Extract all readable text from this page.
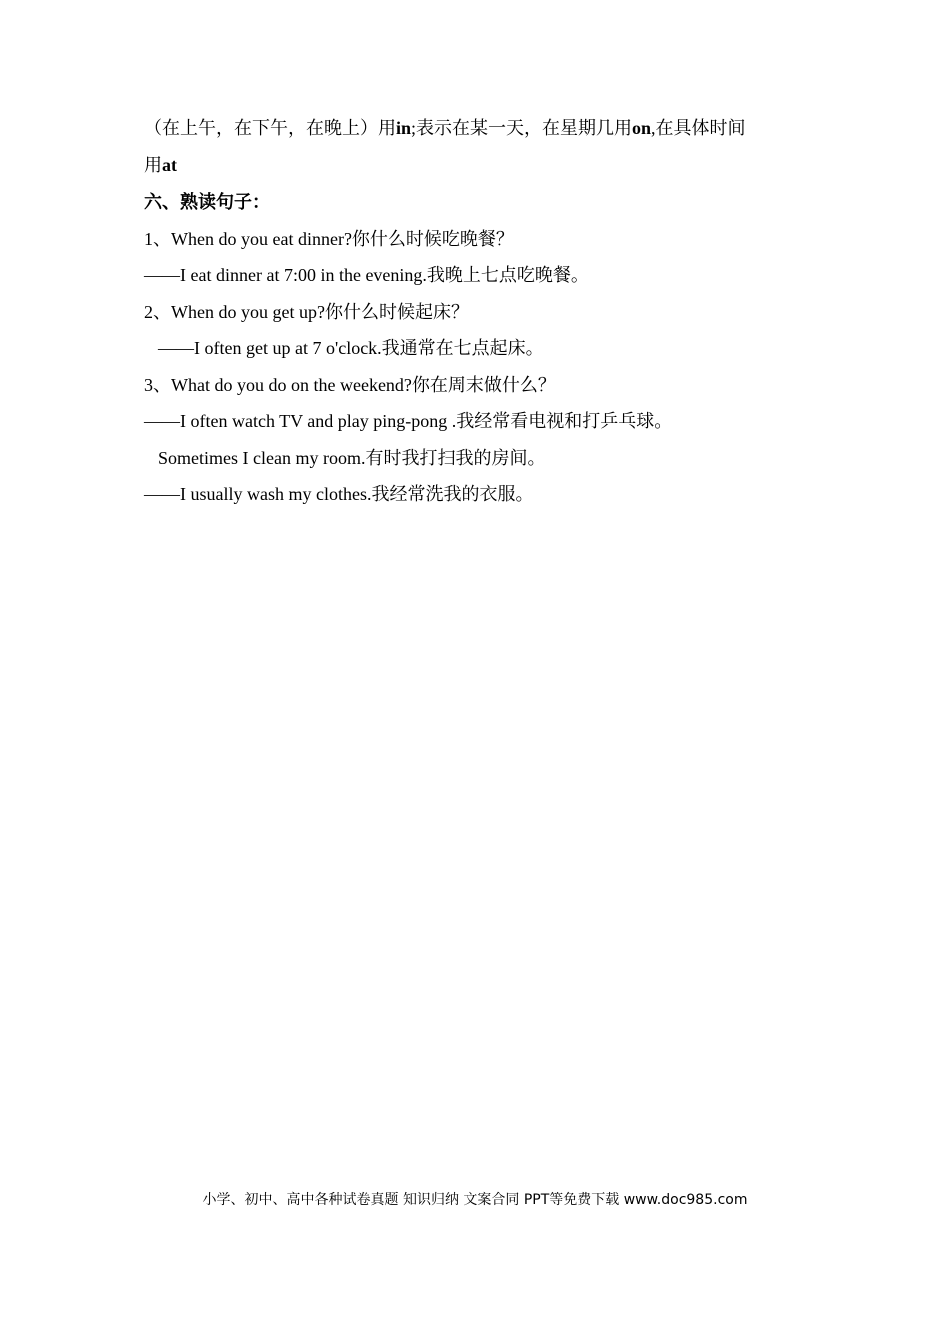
（在上午，在下午，在晚上）用in;表示在某一天，在星期几用on,在具体时间
用at
六、熟读句子：
1、When do you eat dinner?你什么时候吃晚餐？
——I eat dinner at 7:00 in the evening.我晚上七点吃晚餐。
2、When do you get up?你什么时候起床？
——I often get up at 7 o'clock.我通常在七点起床。
3、What do you do on the weekend?你在周末做什么？
——I often watch TV and play ping-pong .我经常看电视和打乒乓球。
Sometimes I clean my room.有时我打扫我的房间。
——I usually wash my clothes.我经常洗我的衣服。
小学、初中、高中各种试卷真题 知识归纳 文案合同 PPT等免费下载 www.doc985.com
